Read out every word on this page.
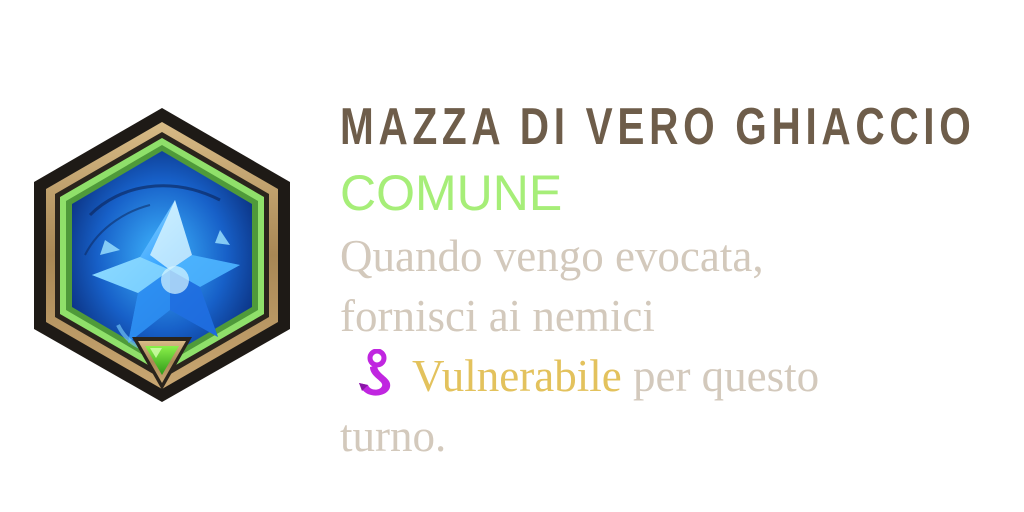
MAZZA DI VERO GHIACCIO
COMUNE
Quando vengo evocata,
fornisci ai nemici
Vulnerabile per questo
turno.
